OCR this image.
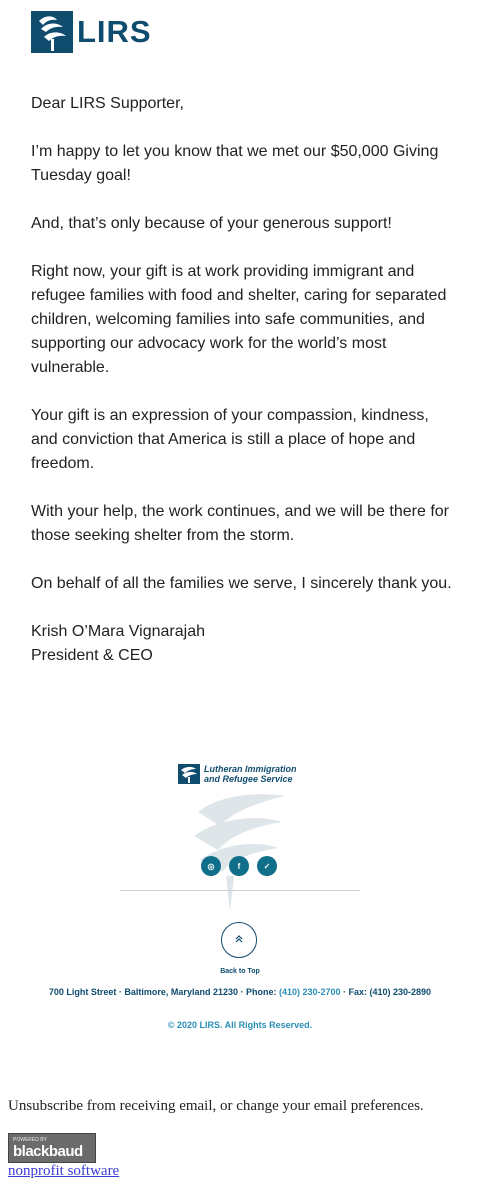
LIRS

Dear LIRS Supporter,

I’m happy to let you know that we met our $50,000 Giving Tuesday goal!

And, that’s only because of your generous support!

Right now, your gift is at work providing immigrant and refugee families with food and shelter, caring for separated children, welcoming families into safe communities, and supporting our advocacy work for the world’s most vulnerable.

Your gift is an expression of your compassion, kindness, and conviction that America is still a place of hope and freedom.

With your help, the work continues, and we will be there for those seeking shelter from the storm.

On behalf of all the families we serve, I sincerely thank you.

Krish O’Mara Vignarajah

President & CEO

Lutheran Immigration
and Refugee Service
◎	f	✓
Back to Top
700 Light Street · Baltimore, Maryland 21230 · Phone: (410) 230-2700 · Fax: (410) 230-2890
© 2020 LIRS. All Rights Reserved.
Unsubscribe from receiving email, or change your email preferences.
POWERED BY
blackbaud
nonprofit software
